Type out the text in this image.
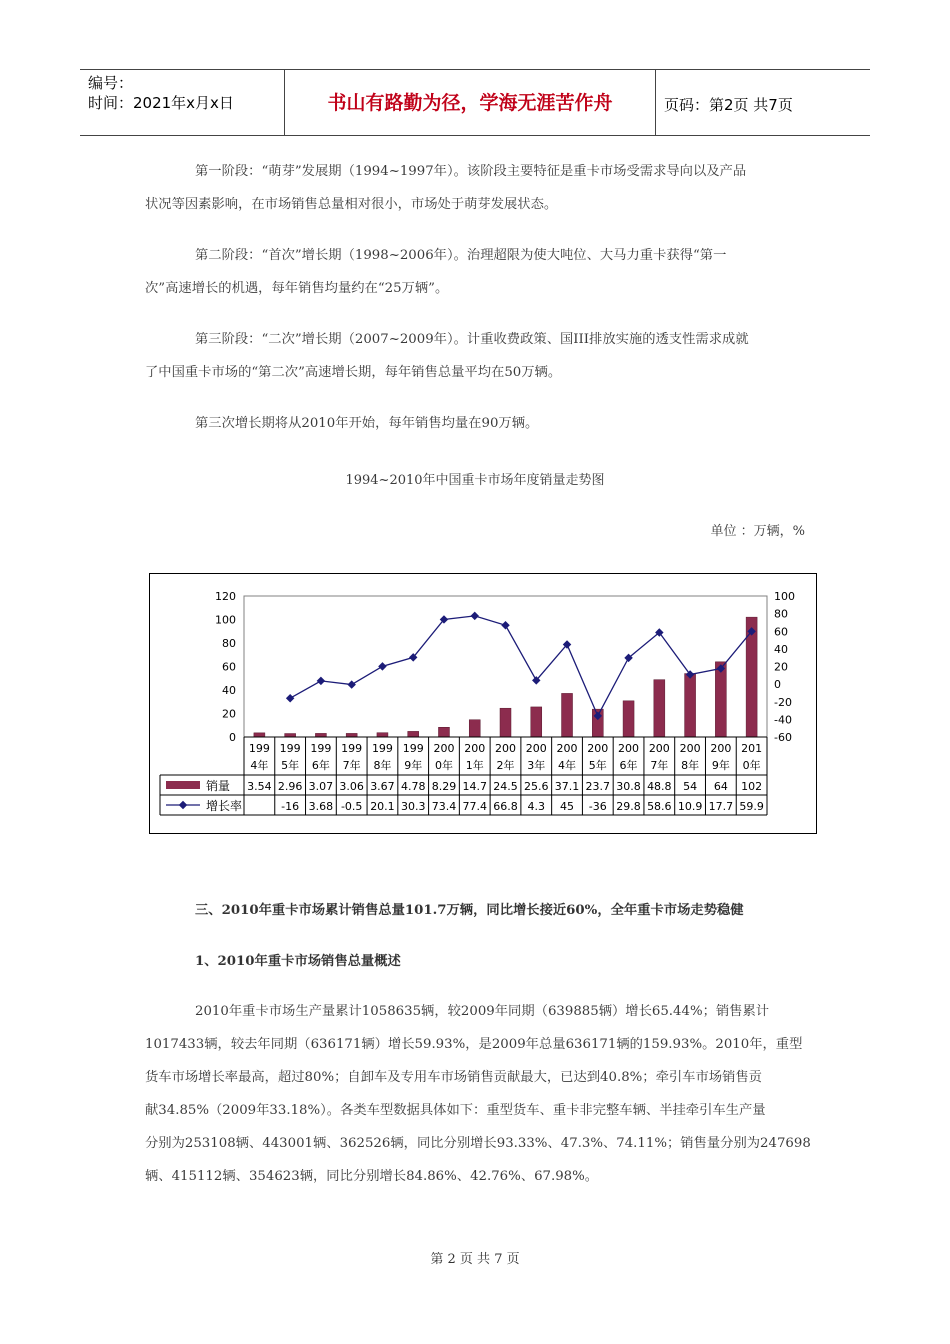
编号：
时间：2021年x月x日	书山有路勤为径，学海无涯苦作舟	页码：第2页 共7页
第一阶段：“萌芽”发展期（1994~1997年）。该阶段主要特征是重卡市场受需求导向以及产品
状况等因素影响，在市场销售总量相对很小，市场处于萌芽发展状态。
第二阶段：“首次”增长期（1998~2006年）。治理超限为使大吨位、大马力重卡获得“第一
次”高速增长的机遇，每年销售均量约在“25万辆”。
第三阶段：“二次”增长期（2007~2009年）。计重收费政策、国III排放实施的透支性需求成就
了中国重卡市场的“第二次”高速增长期，每年销售总量平均在50万辆。
第三次增长期将从2010年开始，每年销售均量在90万辆。
1994~2010年中国重卡市场年度销量走势图
单位 ：万辆，%
0
20
40
60
80
100
120
-60
-40
-20
0
20
40
60
80
100
199
4年
199
5年
199
6年
199
7年
199
8年
199
9年
200
0年
200
1年
200
2年
200
3年
200
4年
200
5年
200
6年
200
7年
200
8年
200
9年
201
0年
销量
增长率
3.54 2.96 3.07 3.06 3.67 4.78 8.29 14.7 24.5 25.6 37.1 23.7 30.8 48.8 54 64 102
-16 3.68 -0.5 20.1 30.3 73.4 77.4 66.8 4.3 45 -36 29.8 58.6 10.9 17.7 59.9
三、2010年重卡市场累计销售总量101.7万辆，同比增长接近60%，全年重卡市场走势稳健
1、2010年重卡市场销售总量概述
2010年重卡市场生产量累计1058635辆，较2009年同期（639885辆）增长65.44%；销售累计
1017433辆，较去年同期（636171辆）增长59.93%，是2009年总量636171辆的159.93%。2010年，重型
货车市场增长率最高，超过80%；自卸车及专用车市场销售贡献最大，已达到40.8%；牵引车市场销售贡
献34.85%（2009年33.18%）。各类车型数据具体如下：重型货车、重卡非完整车辆、半挂牵引车生产量
分别为253108辆、443001辆、362526辆，同比分别增长93.33%、47.3%、74.11%；销售量分别为247698
辆、415112辆、354623辆，同比分别增长84.86%、42.76%、67.98%。
第 2 页 共 7 页
